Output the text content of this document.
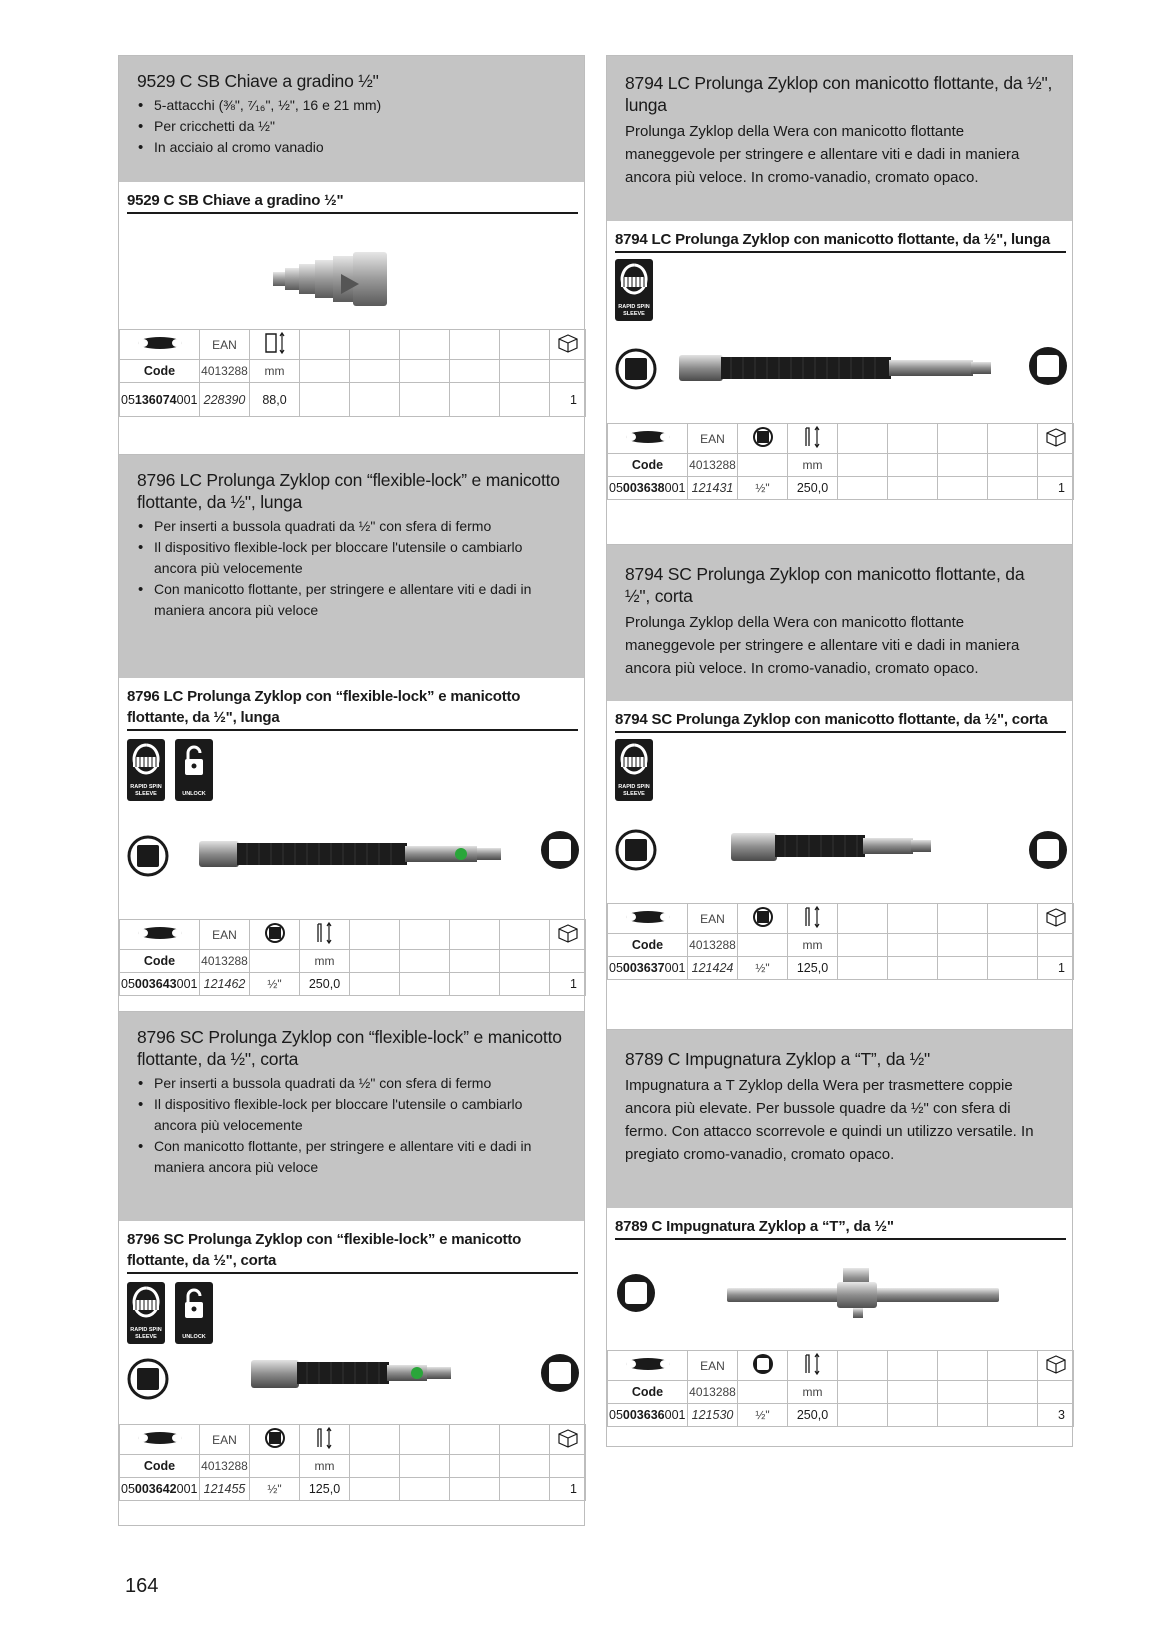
9529 C SB Chiave a gradino ½"
• 5-attacchi (⅜", ⁷⁄₁₆", ½", 16 e 21 mm)
• Per cricchetti da ½"
• In acciaio al cromo vanadio
9529 C SB Chiave a gradino ½"
	EAN							
Code	4013288	mm						
05136074001	228390	88,0						1
8796 LC Prolunga Zyklop con “flexible-lock” e manicotto flottante, da ½", lunga
• Per inserti a bussola quadrati da ½" con sfera di fermo
• Il dispositivo flexible-lock per bloccare l'utensile o cambiarlo ancora più velocemente
• Con manicotto flottante, per stringere e allentare viti e dadi in maniera ancora più veloce
8796 LC Prolunga Zyklop con “flexible-lock” e manicotto flottante, da ½", lunga
RAPID SPIN SLEEVE	UNLOCK
	EAN							
Code	4013288		mm					
05003643001	121462	½"	250,0					1
8796 SC Prolunga Zyklop con “flexible-lock” e manicotto flottante, da ½", corta
• Per inserti a bussola quadrati da ½" con sfera di fermo
• Il dispositivo flexible-lock per bloccare l'utensile o cambiarlo ancora più velocemente
• Con manicotto flottante, per stringere e allentare viti e dadi in maniera ancora più veloce
8796 SC Prolunga Zyklop con “flexible-lock” e manicotto flottante, da ½", corta
RAPID SPIN SLEEVE	UNLOCK
	EAN							
Code	4013288		mm					
05003642001	121455	½"	125,0					1
8794 LC Prolunga Zyklop con manicotto flottante, da ½", lunga

Prolunga Zyklop della Wera con manicotto flottante maneggevole per stringere e allentare viti e dadi in maniera ancora più veloce. In cromo-vanadio, cromato opaco.

8794 LC Prolunga Zyklop con manicotto flottante, da ½", lunga
RAPID SPIN SLEEVE
	EAN							
Code	4013288		mm					
05003638001	121431	½"	250,0					1
8794 SC Prolunga Zyklop con manicotto flottante, da ½", corta

Prolunga Zyklop della Wera con manicotto flottante maneggevole per stringere e allentare viti e dadi in maniera ancora più veloce. In cromo-vanadio, cromato opaco.

8794 SC Prolunga Zyklop con manicotto flottante, da ½", corta
RAPID SPIN SLEEVE
	EAN							
Code	4013288		mm					
05003637001	121424	½"	125,0					1
8789 C Impugnatura Zyklop a “T”, da ½"

Impugnatura a T Zyklop della Wera per trasmettere coppie ancora più elevate. Per bussole quadre da ½" con sfera di fermo. Con attacco scorrevole e quindi un utilizzo versatile. In pregiato cromo-vanadio, cromato opaco.

8789 C Impugnatura Zyklop a “T”, da ½"
	EAN							
Code	4013288		mm					
05003636001	121530	½"	250,0					3
164
